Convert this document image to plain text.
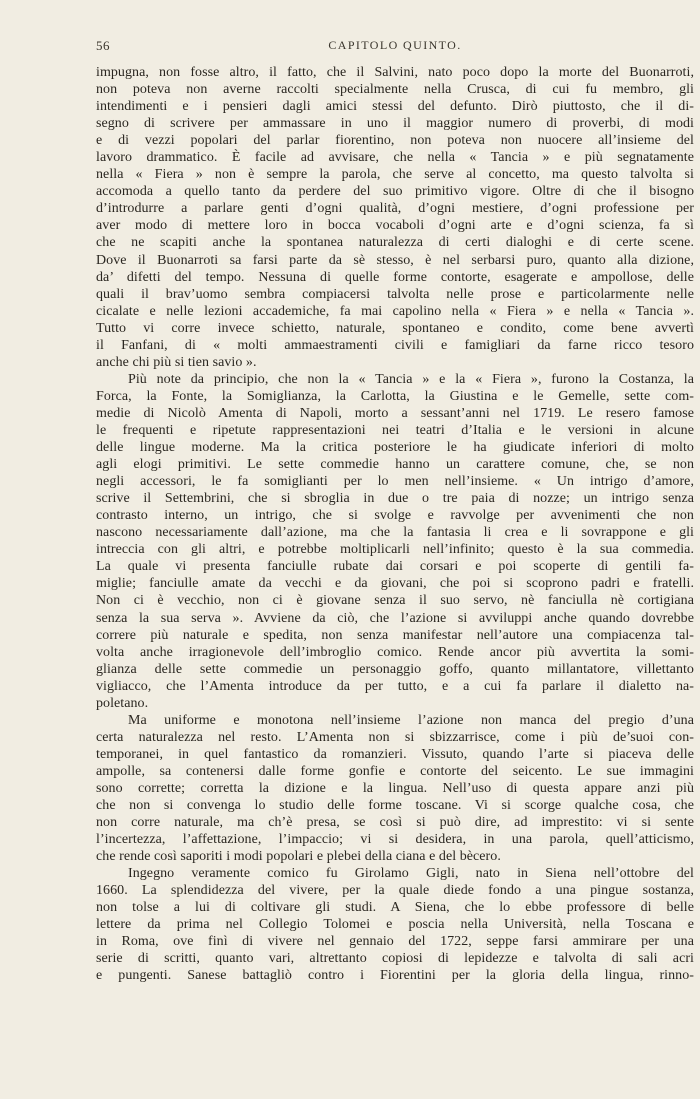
56	CAPITOLO QUINTO.
impugna, non fosse altro, il fatto, che il Salvini, nato poco dopo la morte del Buonarroti,
non poteva non averne raccolti specialmente nella Crusca, di cui fu membro, gli
intendimenti e i pensieri dagli amici stessi del defunto. Dirò piuttosto, che il di-
segno di scrivere per ammassare in uno il maggior numero di proverbi, di modi
e di vezzi popolari del parlar fiorentino, non poteva non nuocere all’insieme del
lavoro drammatico. È facile ad avvisare, che nella « Tancia » e più segnatamente
nella « Fiera » non è sempre la parola, che serve al concetto, ma questo talvolta si
accomoda a quello tanto da perdere del suo primitivo vigore. Oltre di che il bisogno
d’introdurre a parlare genti d’ogni qualità, d’ogni mestiere, d’ogni professione per
aver modo di mettere loro in bocca vocaboli d’ogni arte e d’ogni scienza, fa sì
che ne scapiti anche la spontanea naturalezza di certi dialoghi e di certe scene.
Dove il Buonarroti sa farsi parte da sè stesso, è nel serbarsi puro, quanto alla dizione,
da’ difetti del tempo. Nessuna di quelle forme contorte, esagerate e ampollose, delle
quali il brav’uomo sembra compiacersi talvolta nelle prose e particolarmente nelle
cicalate e nelle lezioni accademiche, fa mai capolino nella « Fiera » e nella « Tancia ».
Tutto vi corre invece schietto, naturale, spontaneo e condito, come bene avvertì
il Fanfani, di « molti ammaestramenti civili e famigliari da farne ricco tesoro
anche chi più si tien savio ».
Più note da principio, che non la « Tancia » e la « Fiera », furono la Costanza, la
Forca, la Fonte, la Somiglianza, la Carlotta, la Giustina e le Gemelle, sette com-
medie di Nicolò Amenta di Napoli, morto a sessant’anni nel 1719. Le resero famose
le frequenti e ripetute rappresentazioni nei teatri d’Italia e le versioni in alcune
delle lingue moderne. Ma la critica posteriore le ha giudicate inferiori di molto
agli elogi primitivi. Le sette commedie hanno un carattere comune, che, se non
negli accessori, le fa somiglianti per lo men nell’insieme. « Un intrigo d’amore,
scrive il Settembrini, che si sbroglia in due o tre paia di nozze; un intrigo senza
contrasto interno, un intrigo, che si svolge e ravvolge per avvenimenti che non
nascono necessariamente dall’azione, ma che la fantasia li crea e li sovrappone e gli
intreccia con gli altri, e potrebbe moltiplicarli nell’infinito; questo è la sua commedia.
La quale vi presenta fanciulle rubate dai corsari e poi scoperte di gentili fa-
miglie; fanciulle amate da vecchi e da giovani, che poi si scoprono padri e fratelli.
Non ci è vecchio, non ci è giovane senza il suo servo, nè fanciulla nè cortigiana
senza la sua serva ». Avviene da ciò, che l’azione si avviluppi anche quando dovrebbe
correre più naturale e spedita, non senza manifestar nell’autore una compiacenza tal-
volta anche irragionevole dell’imbroglio comico. Rende ancor più avvertita la somi-
glianza delle sette commedie un personaggio goffo, quanto millantatore, villettanto
vigliacco, che l’Amenta introduce da per tutto, e a cui fa parlare il dialetto na-
poletano.
Ma uniforme e monotona nell’insieme l’azione non manca del pregio d’una
certa naturalezza nel resto. L’Amenta non si sbizzarrisce, come i più de’suoi con-
temporanei, in quel fantastico da romanzieri. Vissuto, quando l’arte si piaceva delle
ampolle, sa contenersi dalle forme gonfie e contorte del seicento. Le sue immagini
sono corrette; corretta la dizione e la lingua. Nell’uso di questa appare anzi più
che non si convenga lo studio delle forme toscane. Vi si scorge qualche cosa, che
non corre naturale, ma ch’è presa, se così si può dire, ad imprestito: vi si sente
l’incertezza, l’affettazione, l’impaccio; vi si desidera, in una parola, quell’atticismo,
che rende così saporiti i modi popolari e plebei della ciana e del bècero.
Ingegno veramente comico fu Girolamo Gigli, nato in Siena nell’ottobre del
1660. La splendidezza del vivere, per la quale diede fondo a una pingue sostanza,
non tolse a lui di coltivare gli studi. A Siena, che lo ebbe professore di belle
lettere da prima nel Collegio Tolomei e poscia nella Università, nella Toscana e
in Roma, ove finì di vivere nel gennaio del 1722, seppe farsi ammirare per una
serie di scritti, quanto vari, altrettanto copiosi di lepidezze e talvolta di sali acri
e pungenti. Sanese battagliò contro i Fiorentini per la gloria della lingua, rinno-
